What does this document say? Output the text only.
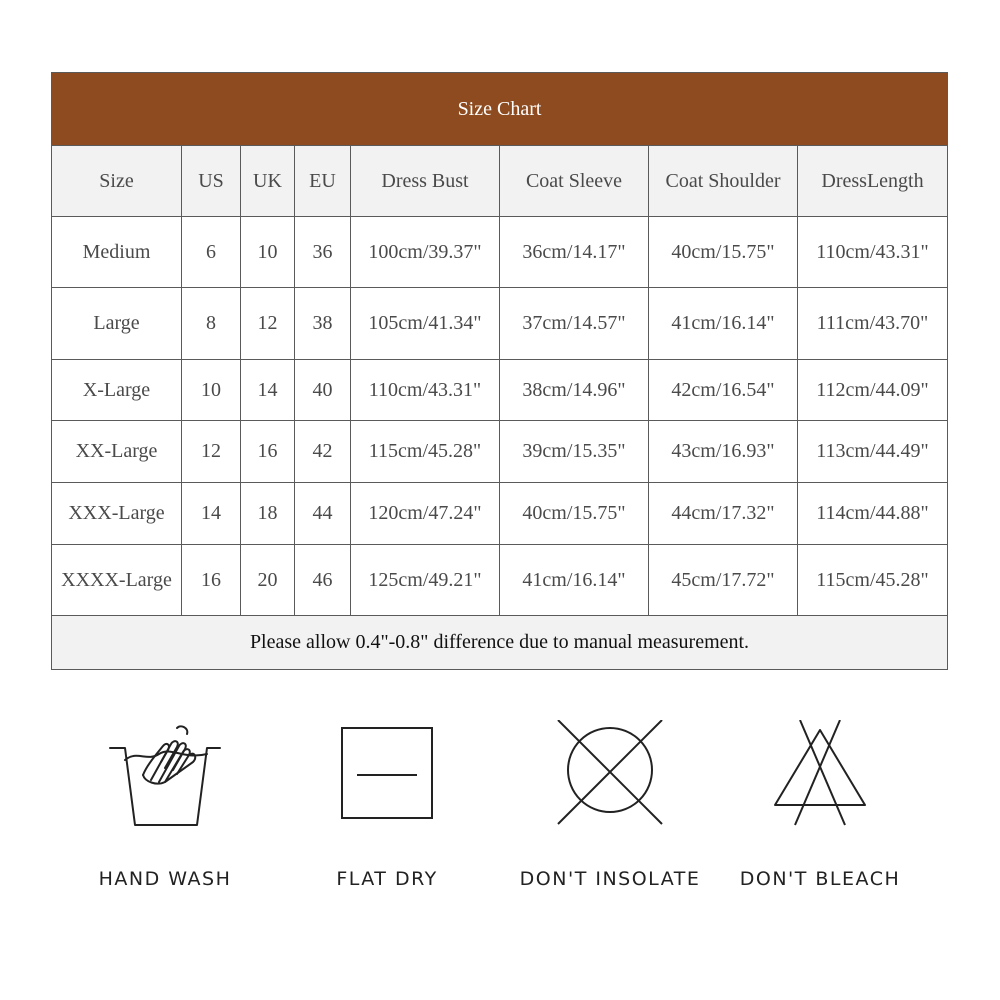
Size Chart							
Size	US	UK	EU	Dress Bust	Coat Sleeve	Coat Shoulder	DressLength
Medium	6	10	36	100cm/39.37"	36cm/14.17"	40cm/15.75"	110cm/43.31"
Large	8	12	38	105cm/41.34"	37cm/14.57"	41cm/16.14"	111cm/43.70"
X-Large	10	14	40	110cm/43.31"	38cm/14.96"	42cm/16.54"	112cm/44.09"
XX-Large	12	16	42	115cm/45.28"	39cm/15.35"	43cm/16.93"	113cm/44.49"
XXX-Large	14	18	44	120cm/47.24"	40cm/15.75"	44cm/17.32"	114cm/44.88"
XXXX-Large	16	20	46	125cm/49.21"	41cm/16.14"	45cm/17.72"	115cm/45.28"
Please allow 0.4"-0.8" difference due to manual measurement.							
HAND WASH	FLAT DRY	DON'T INSOLATE	DON'T BLEACH
